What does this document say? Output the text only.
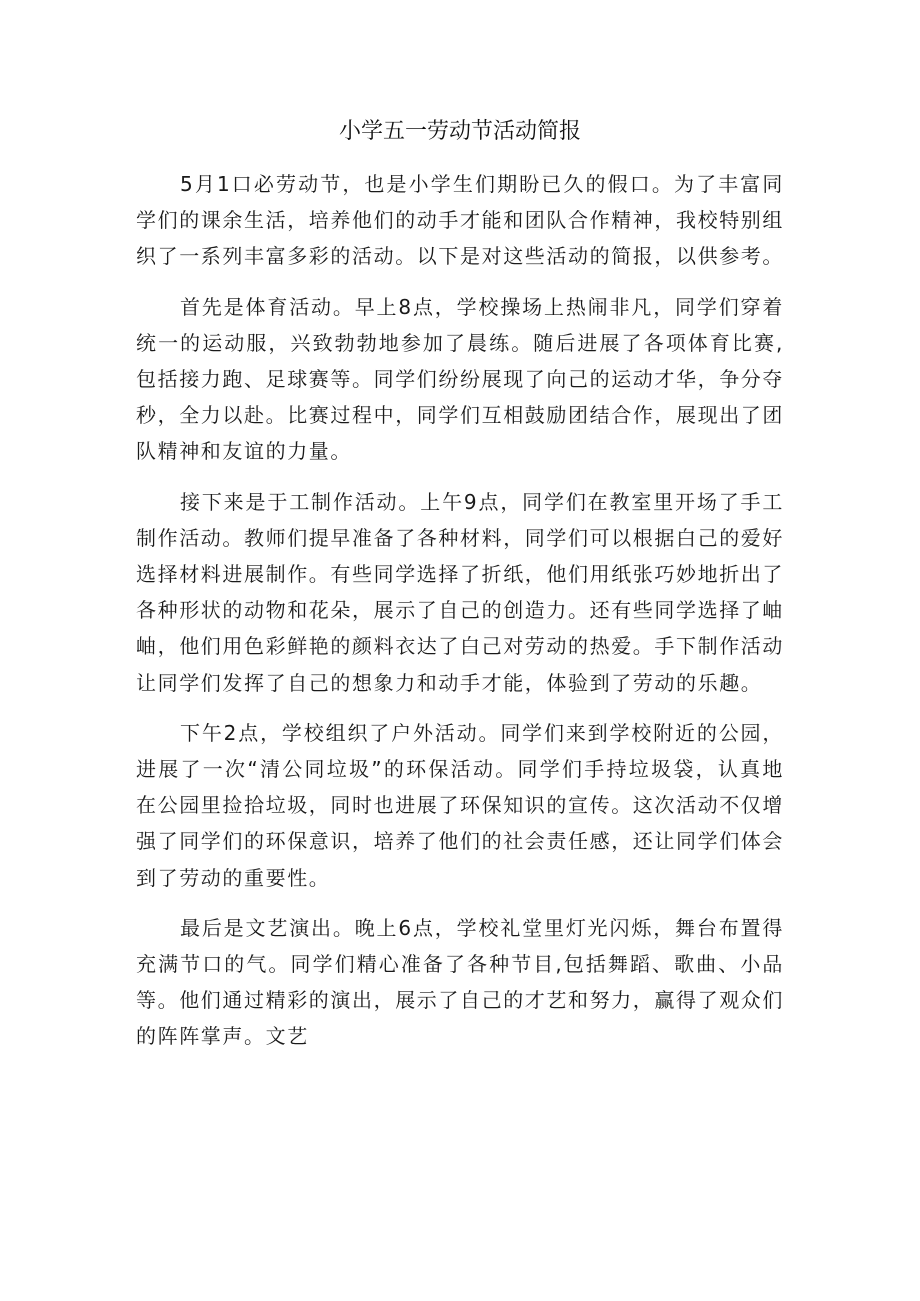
小学五一劳动节活动简报

5月1口必劳动节，也是小学生们期盼已久的假口。为了丰富同学们的课余生活，培养他们的动手才能和团队合作精神，我校特别组织了一系列丰富多彩的活动。以下是对这些活动的简报，以供参考。

首先是体育活动。早上8点，学校操场上热闹非凡，同学们穿着统一的运动服，兴致勃勃地参加了晨练。随后进展了各项体育比赛,包括接力跑、足球赛等。同学们纷纷展现了向己的运动才华，争分夺秒，全力以赴。比赛过程中，同学们互相鼓励团结合作，展现出了团队精神和友谊的力量。

接下来是于工制作活动。上午9点，同学们在教室里开场了手工制作活动。教师们提早准备了各种材料，同学们可以根据白己的爱好选择材料进展制作。有些同学选择了折纸，他们用纸张巧妙地折出了各种形状的动物和花朵，展示了自己的创造力。还有些同学选择了岫岫，他们用色彩鲜艳的颜料衣达了白己对劳动的热爱。手下制作活动让同学们发挥了自己的想象力和动手才能，体验到了劳动的乐趣。

下午2点，学校组织了户外活动。同学们来到学校附近的公园，进展了一次“清公同垃圾”的环保活动。同学们手持垃圾袋，认真地在公园里捡拾垃圾，同时也进展了环保知识的宣传。这次活动不仅增强了同学们的环保意识，培养了他们的社会责任感，还让同学们体会到了劳动的重要性。

最后是文艺演出。晚上6点，学校礼堂里灯光闪烁，舞台布置得充满节口的气。同学们精心准备了各种节目,包括舞蹈、歌曲、小品等。他们通过精彩的演出，展示了自己的才艺和努力，赢得了观众们的阵阵掌声。文艺
